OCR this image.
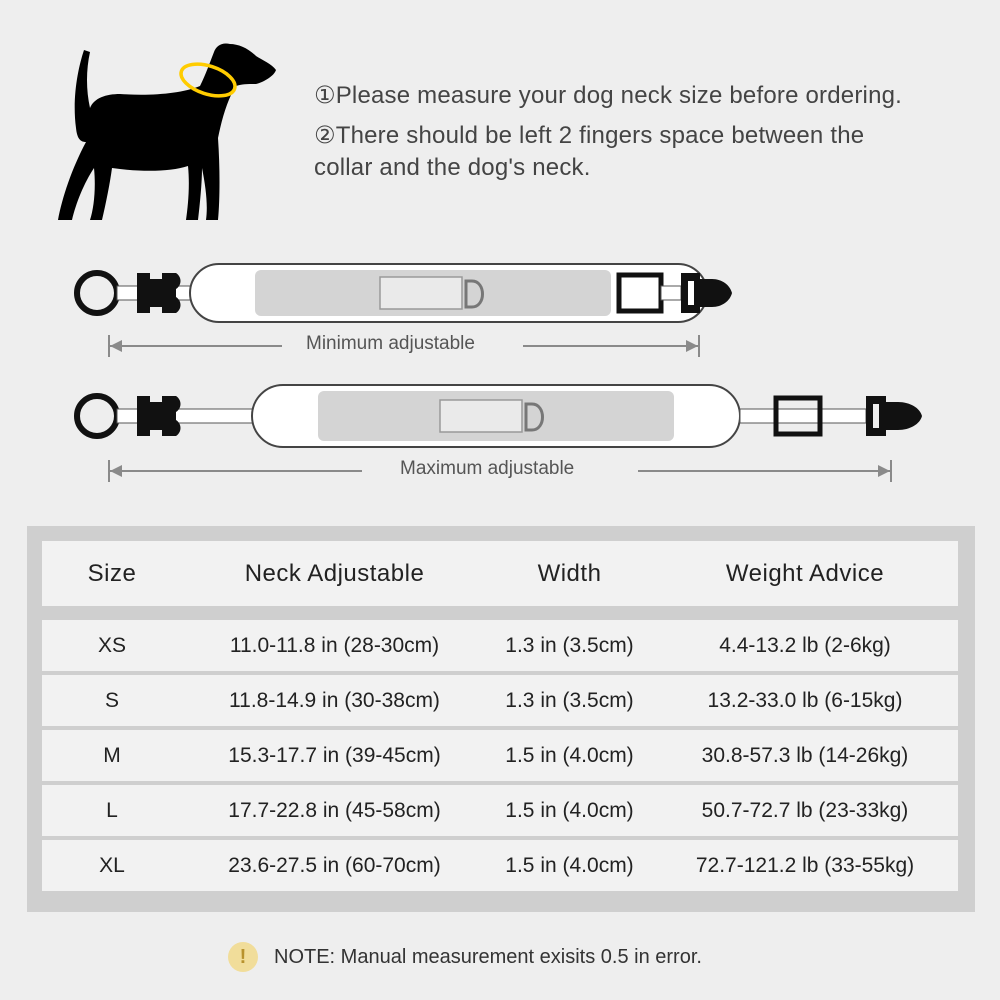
①Please measure your dog neck size before ordering.

②There should be left 2 fingers space between the

collar and the dog's neck.

Minimum adjustable
Maximum adjustable
Size	Neck Adjustable	Width	Weight Advice
XS	11.0-11.8 in (28-30cm)	1.3 in (3.5cm)	4.4-13.2 lb (2-6kg)
S	11.8-14.9 in (30-38cm)	1.3 in (3.5cm)	13.2-33.0 lb (6-15kg)
M	15.3-17.7 in (39-45cm)	1.5 in (4.0cm)	30.8-57.3 lb (14-26kg)
L	17.7-22.8 in (45-58cm)	1.5 in (4.0cm)	50.7-72.7 lb (23-33kg)
XL	23.6-27.5 in (60-70cm)	1.5 in (4.0cm)	72.7-121.2 lb (33-55kg)
!	NOTE: Manual measurement exisits 0.5 in error.
